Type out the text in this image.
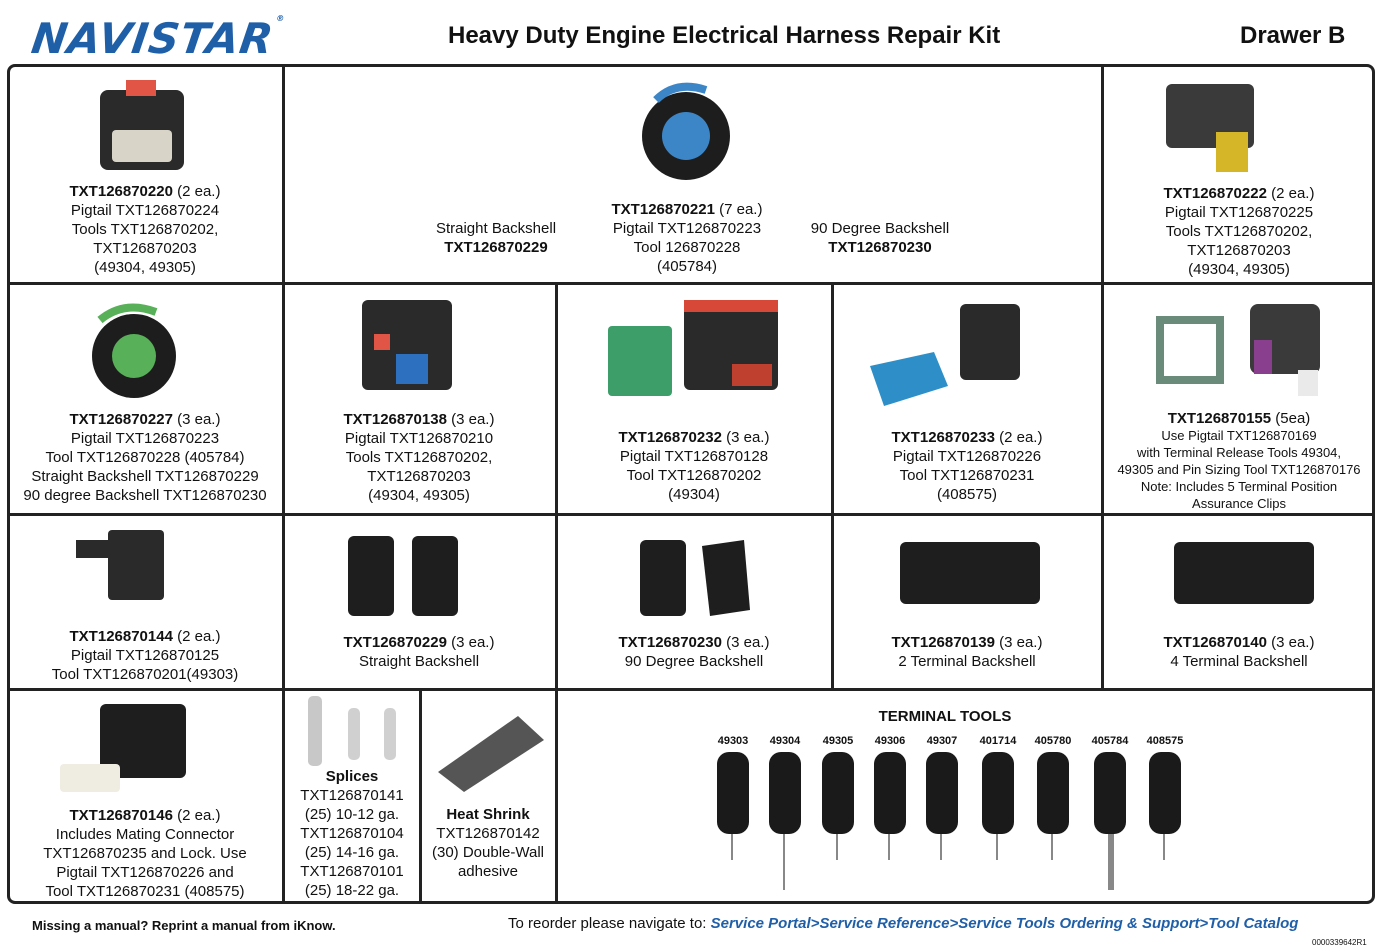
NAVISTAR®
Heavy Duty Engine Electrical Harness Repair Kit	Drawer B
TXT126870220 (2 ea.)
Pigtail TXT126870224
Tools TXT126870202,
TXT126870203
(49304, 49305)
Straight Backshell
TXT126870229
TXT126870221 (7 ea.)
Pigtail TXT126870223
Tool 126870228
(405784)
90 Degree Backshell
TXT126870230
TXT126870222 (2 ea.)
Pigtail TXT126870225
Tools TXT126870202,
TXT126870203
(49304, 49305)
TXT126870227 (3 ea.)
Pigtail TXT126870223
Tool TXT126870228 (405784)
Straight Backshell TXT126870229
90 degree Backshell TXT126870230
TXT126870138 (3 ea.)
Pigtail TXT126870210
Tools TXT126870202,
TXT126870203
(49304, 49305)
TXT126870232 (3 ea.)
Pigtail TXT126870128
Tool TXT126870202
(49304)
TXT126870233 (2 ea.)
Pigtail TXT126870226
Tool TXT126870231
(408575)
TXT126870155 (5ea)
Use Pigtail TXT126870169
with Terminal Release Tools 49304,
49305 and Pin Sizing Tool TXT126870176
Note: Includes 5 Terminal Position
Assurance Clips
TXT126870144 (2 ea.)
Pigtail TXT126870125
Tool TXT126870201(49303)
TXT126870229 (3 ea.)
Straight Backshell
TXT126870230 (3 ea.)
90 Degree Backshell
TXT126870139 (3 ea.)
2 Terminal Backshell
TXT126870140 (3 ea.)
4 Terminal Backshell
TXT126870146 (2 ea.)
Includes Mating Connector
TXT126870235 and Lock. Use
Pigtail TXT126870226 and
Tool TXT126870231 (408575)
Splices
TXT126870141
(25) 10-12 ga.
TXT126870104
(25) 14-16 ga.
TXT126870101
(25) 18-22 ga.
Heat Shrink
TXT126870142
(30) Double-Wall
adhesive
TERMINAL TOOLS
49303	49304	49305	49306	49307	401714	405780	405784	408575
Missing a manual? Reprint a manual from iKnow.	To reorder please navigate to: Service Portal>Service Reference>Service Tools Ordering & Support>Tool Catalog
0000339642R1
